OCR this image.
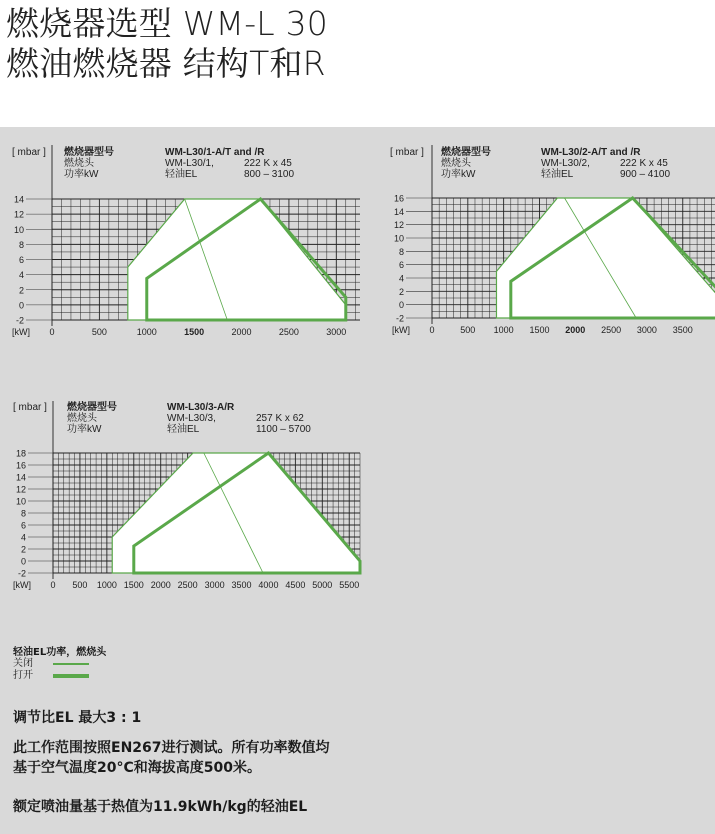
燃烧器选型 WM-L 30
燃油燃烧器 结构T和R
[ mbar ] 燃烧器型号	WM-L30/1-A/T and /R
燃烧头	WM-L30/1,	222 K x 45
功率kW	轻油EL	800 – 3100
14
12
10
8
6
4
2
0
-2
[kW] 0	500	1000	1500	2000	2500	3000
[ mbar ] 燃烧器型号	WM-L30/2-A/T and /R
燃烧头	WM-L30/2,	222 K x 45
功率kW	轻油EL	900 – 4100
16
14
12
10
8
6
4
2
0
-2
[kW] 0	500 1000 1500 2000 2500 3000 3500
[ mbar ] 燃烧器型号	WM-L30/3-A/R
燃烧头	WM-L30/3,	257 K x 62
功率kW	轻油EL	1100 – 5700
18
16
14
12
10
8
6
4
2
0
-2
[kW] 0 500 1000 1500 2000 2500 3000 3500 4000 4500 5000 5500
轻油EL功率，燃烧头
关闭
打开
调节比EL 最大3 : 1
此工作范围按照EN267进行测试。所有功率数值均
基于空气温度20°C和海拔高度500米。
额定喷油量基于热值为11.9kWh/kg的轻油EL
